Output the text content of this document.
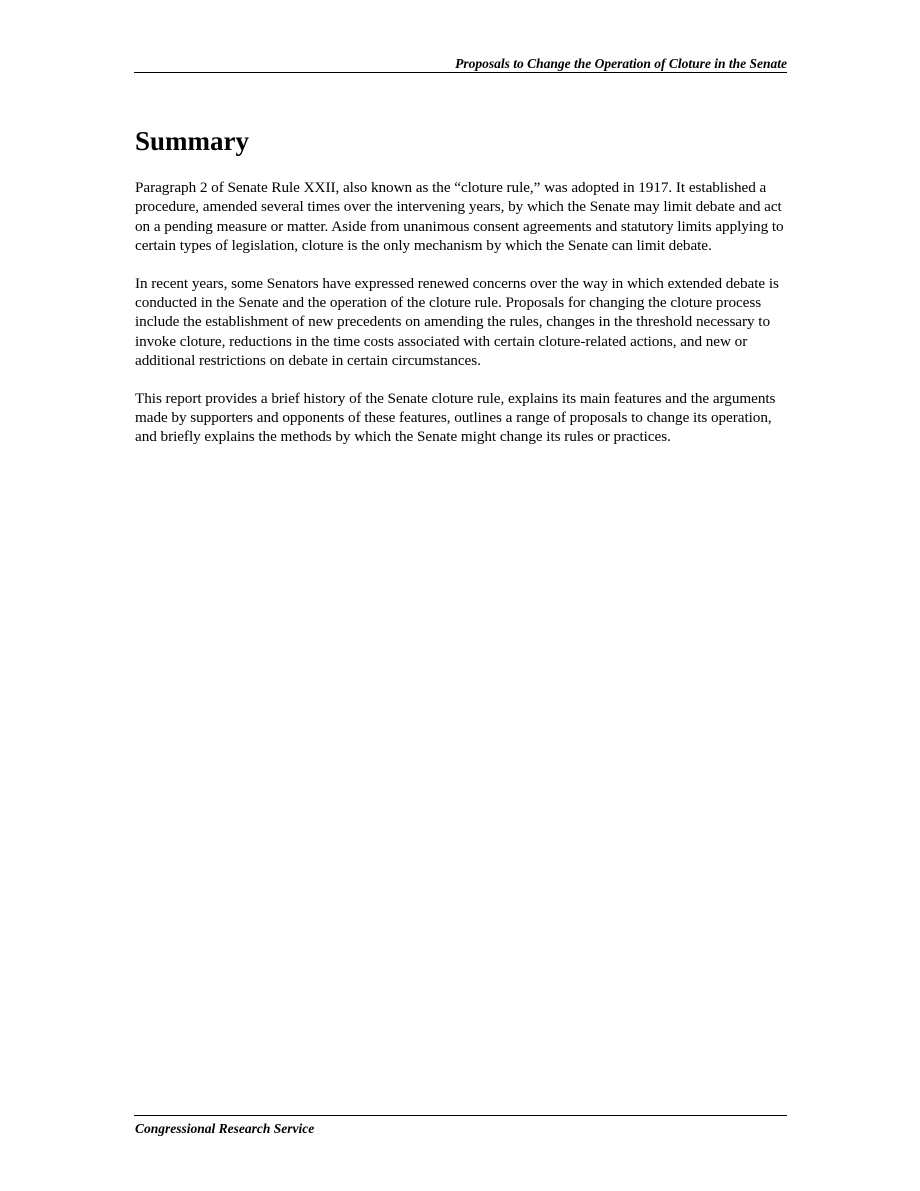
Proposals to Change the Operation of Cloture in the Senate
Summary

Paragraph 2 of Senate Rule XXII, also known as the “cloture rule,” was adopted in 1917. It established a procedure, amended several times over the intervening years, by which the Senate may limit debate and act on a pending measure or matter. Aside from unanimous consent agreements and statutory limits applying to certain types of legislation, cloture is the only mechanism by which the Senate can limit debate.

In recent years, some Senators have expressed renewed concerns over the way in which extended debate is conducted in the Senate and the operation of the cloture rule. Proposals for changing the cloture process include the establishment of new precedents on amending the rules, changes in the threshold necessary to invoke cloture, reductions in the time costs associated with certain cloture-related actions, and new or additional restrictions on debate in certain circumstances.

This report provides a brief history of the Senate cloture rule, explains its main features and the arguments made by supporters and opponents of these features, outlines a range of proposals to change its operation, and briefly explains the methods by which the Senate might change its rules or practices.

Congressional Research Service
